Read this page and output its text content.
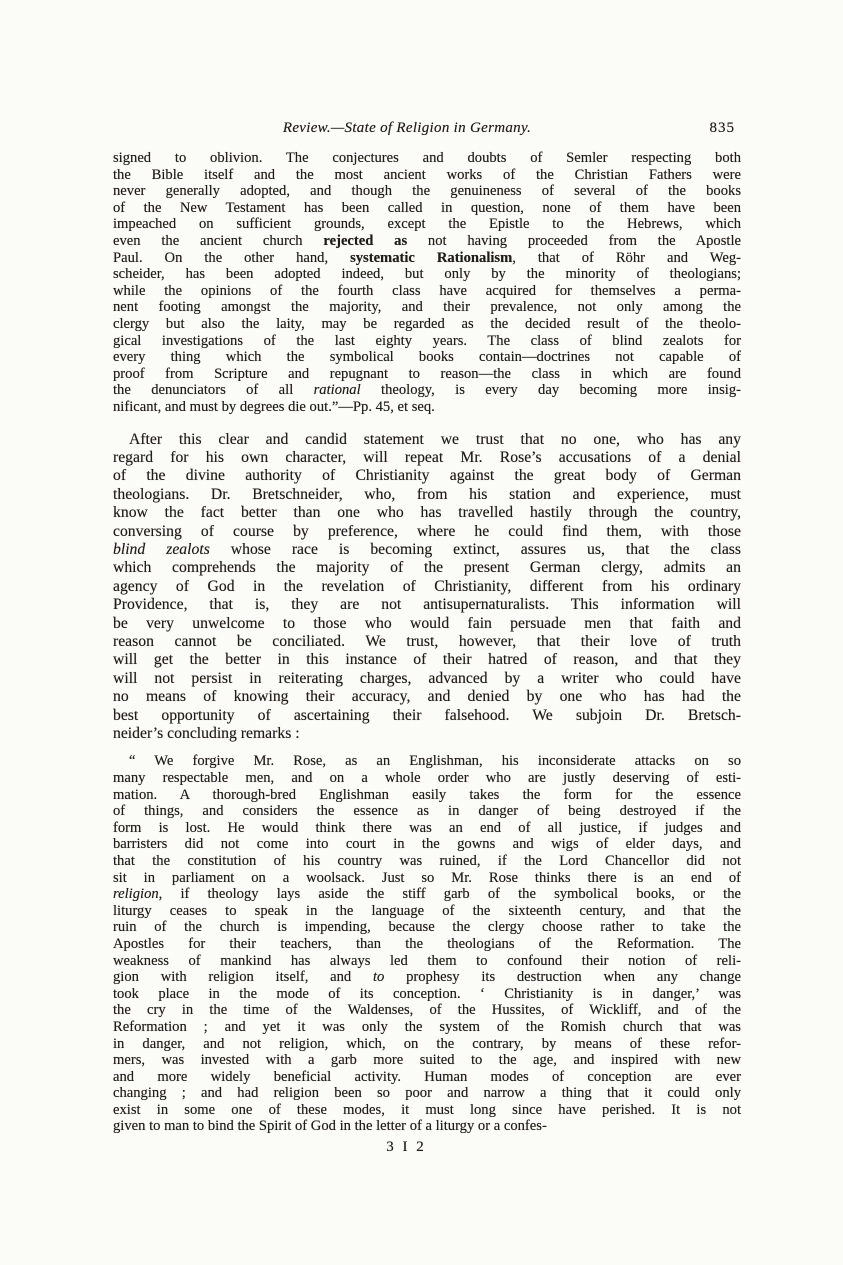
Review.—State of Religion in Germany.	835
signed to oblivion. The conjectures and doubts of Semler respecting both
the Bible itself and the most ancient works of the Christian Fathers were
never generally adopted, and though the genuineness of several of the books
of the New Testament has been called in question, none of them have been
impeached on sufficient grounds, except the Epistle to the Hebrews, which
even the ancient church rejected as not having proceeded from the Apostle
Paul. On the other hand, systematic Rationalism, that of Röhr and Weg-
scheider, has been adopted indeed, but only by the minority of theologians;
while the opinions of the fourth class have acquired for themselves a perma-
nent footing amongst the majority, and their prevalence, not only among the
clergy but also the laity, may be regarded as the decided result of the theolo-
gical investigations of the last eighty years. The class of blind zealots for
every thing which the symbolical books contain—doctrines not capable of
proof from Scripture and repugnant to reason—the class in which are found
the denunciators of all rational theology, is every day becoming more insig-
nificant, and must by degrees die out.”—Pp. 45, et seq.
After this clear and candid statement we trust that no one, who has any
regard for his own character, will repeat Mr. Rose’s accusations of a denial
of the divine authority of Christianity against the great body of German
theologians. Dr. Bretschneider, who, from his station and experience, must
know the fact better than one who has travelled hastily through the country,
conversing of course by preference, where he could find them, with those
blind zealots whose race is becoming extinct, assures us, that the class
which comprehends the majority of the present German clergy, admits an
agency of God in the revelation of Christianity, different from his ordinary
Providence, that is, they are not antisupernaturalists. This information will
be very unwelcome to those who would fain persuade men that faith and
reason cannot be conciliated. We trust, however, that their love of truth
will get the better in this instance of their hatred of reason, and that they
will not persist in reiterating charges, advanced by a writer who could have
no means of knowing their accuracy, and denied by one who has had the
best opportunity of ascertaining their falsehood. We subjoin Dr. Bretsch-
neider’s concluding remarks :
“ We forgive Mr. Rose, as an Englishman, his inconsiderate attacks on so
many respectable men, and on a whole order who are justly deserving of esti-
mation. A thorough-bred Englishman easily takes the form for the essence
of things, and considers the essence as in danger of being destroyed if the
form is lost. He would think there was an end of all justice, if judges and
barristers did not come into court in the gowns and wigs of elder days, and
that the constitution of his country was ruined, if the Lord Chancellor did not
sit in parliament on a woolsack. Just so Mr. Rose thinks there is an end of
religion, if theology lays aside the stiff garb of the symbolical books, or the
liturgy ceases to speak in the language of the sixteenth century, and that the
ruin of the church is impending, because the clergy choose rather to take the
Apostles for their teachers, than the theologians of the Reformation. The
weakness of mankind has always led them to confound their notion of reli-
gion with religion itself, and to prophesy its destruction when any change
took place in the mode of its conception. ‘ Christianity is in danger,’ was
the cry in the time of the Waldenses, of the Hussites, of Wickliff, and of the
Reformation ; and yet it was only the system of the Romish church that was
in danger, and not religion, which, on the contrary, by means of these refor-
mers, was invested with a garb more suited to the age, and inspired with new
and more widely beneficial activity. Human modes of conception are ever
changing ; and had religion been so poor and narrow a thing that it could only
exist in some one of these modes, it must long since have perished. It is not
given to man to bind the Spirit of God in the letter of a liturgy or a confes-
3 I 2
